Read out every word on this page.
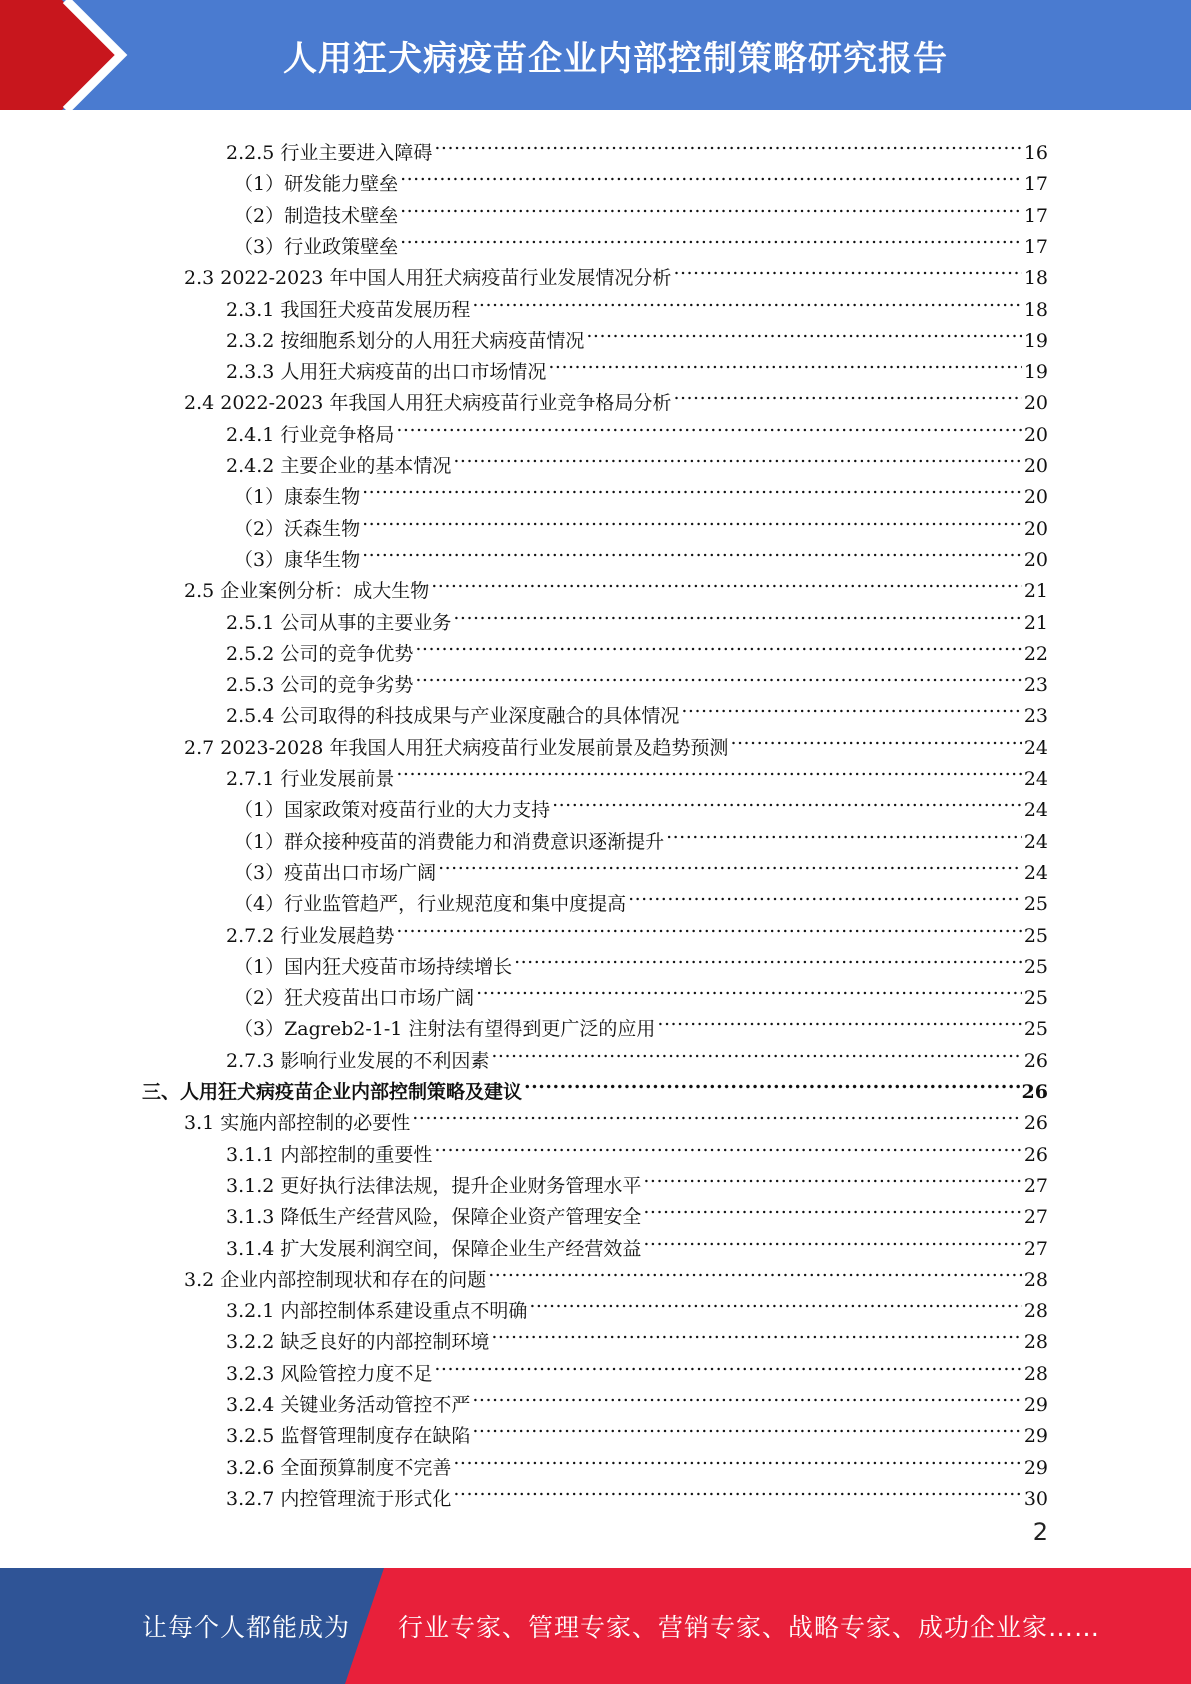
人用狂犬病疫苗企业内部控制策略研究报告
2.2.5 行业主要进入障碍 .....	16
（1）研发能力壁垒 .....	17
（2）制造技术壁垒 .....	17
（3）行业政策壁垒 .....	17
2.3 2022-2023 年中国人用狂犬病疫苗行业发展情况分析 .....	18
2.3.1 我国狂犬疫苗发展历程 .....	18
2.3.2 按细胞系划分的人用狂犬病疫苗情况 .....	19
2.3.3 人用狂犬病疫苗的出口市场情况 .....	19
2.4 2022-2023 年我国人用狂犬病疫苗行业竞争格局分析 .....	20
2.4.1 行业竞争格局 .....	20
2.4.2 主要企业的基本情况 .....	20
（1）康泰生物 .....	20
（2）沃森生物 .....	20
（3）康华生物 .....	20
2.5 企业案例分析：成大生物 .....	21
2.5.1 公司从事的主要业务 .....	21
2.5.2 公司的竞争优势 .....	22
2.5.3 公司的竞争劣势 .....	23
2.5.4 公司取得的科技成果与产业深度融合的具体情况 .....	23
2.7 2023-2028 年我国人用狂犬病疫苗行业发展前景及趋势预测 .....	24
2.7.1 行业发展前景 .....	24
（1）国家政策对疫苗行业的大力支持 .....	24
（1）群众接种疫苗的消费能力和消费意识逐渐提升 .....	24
（3）疫苗出口市场广阔 .....	24
（4）行业监管趋严，行业规范度和集中度提高 .....	25
2.7.2 行业发展趋势 .....	25
（1）国内狂犬疫苗市场持续增长 .....	25
（2）狂犬疫苗出口市场广阔 .....	25
（3）Zagreb2-1-1 注射法有望得到更广泛的应用 .....	25
2.7.3 影响行业发展的不利因素 .....	26
三、人用狂犬病疫苗企业内部控制策略及建议 .....	26
3.1 实施内部控制的必要性 .....	26
3.1.1 内部控制的重要性 .....	26
3.1.2 更好执行法律法规，提升企业财务管理水平 .....	27
3.1.3 降低生产经营风险，保障企业资产管理安全 .....	27
3.1.4 扩大发展利润空间，保障企业生产经营效益 .....	27
3.2 企业内部控制现状和存在的问题 .....	28
3.2.1 内部控制体系建设重点不明确 .....	28
3.2.2 缺乏良好的内部控制环境 .....	28
3.2.3 风险管控力度不足 .....	28
3.2.4 关键业务活动管控不严 .....	29
3.2.5 监督管理制度存在缺陷 .....	29
3.2.6 全面预算制度不完善 .....	29
3.2.7 内控管理流于形式化 .....	30
2
让每个人都能成为 行业专家、管理专家、营销专家、战略专家、成功企业家……
